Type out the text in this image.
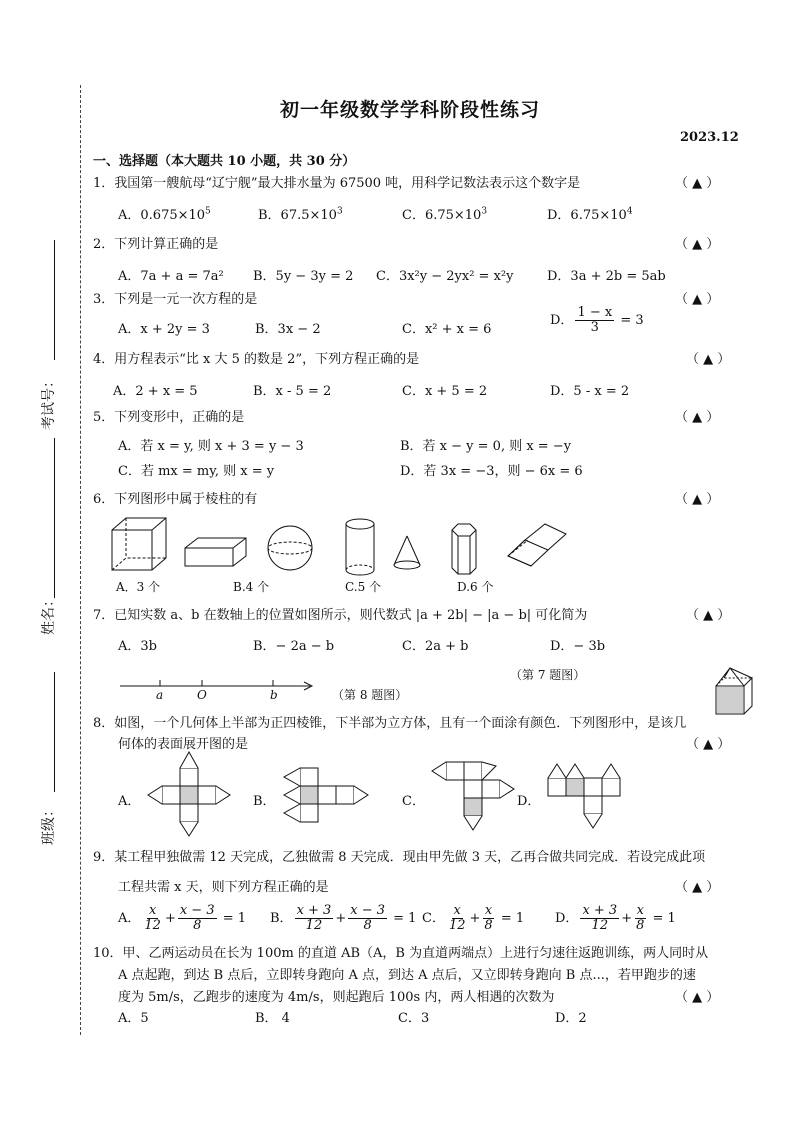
考试号：
姓名：
班级：
初一年级数学学科阶段性练习
2023.12
一、选择题（本大题共 10 小题，共 30 分）
1．我国第一艘航母“辽宁舰”最大排水量为 67500 吨，用科学记数法表示这个数字是	（ ▲ ）
A．$0.675\times 10^5$	B．$67.5\times 10^3$	C．$6.75\times 10^3$	D．$6.75\times 10^4$
2．下列计算正确的是	（ ▲ ）
A．7a + a = 7a² B．5y − 3y = 2 C．3x²y − 2yx² = x²y	D．3a + 2b = 5ab
3．下列是一元一次方程的是	（ ▲ ）
A．x + 2y = 3	B．3x − 2	C．x² + x = 6
D． $\frac{1 - x}{3} = 3$
4．用方程表示“比 x 大 5 的数是 2”，下列方程正确的是	（ ▲ ）
A．2 + x = 5	B．x - 5 = 2	C．x + 5 = 2	D．5 - x = 2
5．下列变形中，正确的是	（ ▲ ）
A．若 x = y, 则 x + 3 = y − 3	B．若 x − y = 0, 则 x = −y
C．若 mx = my, 则 x = y	D．若 3x = −3，则 − 6x = 6
6．下列图形中属于棱柱的有	（ ▲ ）
A．3 个	B.4 个	C.5 个	D.6 个
7．已知实数 a、b 在数轴上的位置如图所示，则代数式 |a + 2b| − |a − b| 可化简为	（ ▲ ）
A．3b	B．− 2a − b	C．2a + b	D．− 3b
（第 7 题图）
a	O	b	（第 8 题图）
8．如图，一个几何体上半部为正四棱锥，下半部为立方体，且有一个面涂有颜色．下列图形中，是该几
何体的表面展开图的是	（ ▲ ）
A．	B．	C．	D．
9．某工程甲独做需 12 天完成，乙独做需 8 天完成．现由甲先做 3 天，乙再合做共同完成．若设完成此项
工程共需 x 天，则下列方程正确的是	（ ▲ ）
A． $\frac{x}{12} + \frac{x - 3}{8} = 1$ B． $\frac{x + 3}{12} + \frac{x - 3}{8} = 1$ C． $\frac{x}{12} + \frac{x}{8} = 1$ D． $\frac{x + 3}{12} + \frac{x}{8} = 1$
10．甲、乙两运动员在长为 100m 的直道 AB（A，B 为直道两端点）上进行匀速往返跑训练，两人同时从
A 点起跑，到达 B 点后，立即转身跑向 A 点，到达 A 点后，又立即转身跑向 B 点...，若甲跑步的速
度为 5m/s，乙跑步的速度为 4m/s，则起跑后 100s 内，两人相遇的次数为	（ ▲ ）
A．5	B． 4	C．3	D．2
